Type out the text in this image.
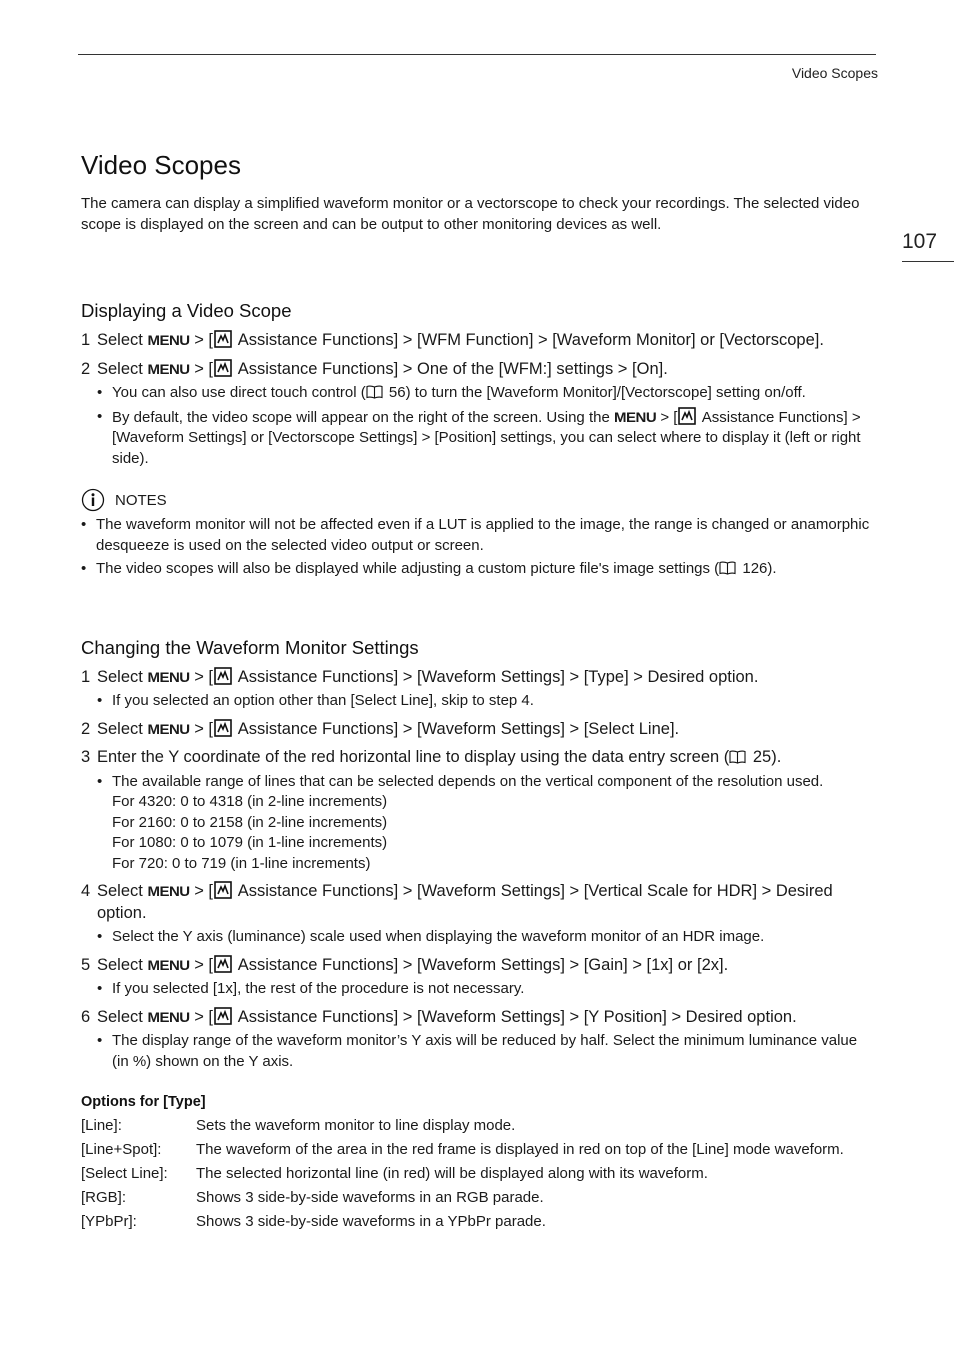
Video Scopes
107
Video Scopes

The camera can display a simplified waveform monitor or a vectorscope to check your recordings. The selected video scope is displayed on the screen and can be output to other monitoring devices as well.

Displaying a Video Scope
1 Select MENU > [ Assistance Functions] > [WFM Function] > [Waveform Monitor] or [Vectorscope].
2 Select MENU > [ Assistance Functions] > One of the [WFM:] settings > [On].
• You can also use direct touch control ( 56) to turn the [Waveform Monitor]/[Vectorscope] setting on/off.
• By default, the video scope will appear on the right of the screen. Using the MENU > [ Assistance Functions] > [Waveform Settings] or [Vectorscope Settings] > [Position] settings, you can select where to display it (left or right side).
NOTES
• The waveform monitor will not be affected even if a LUT is applied to the image, the range is changed or anamorphic desqueeze is used on the selected video output or screen.
• The video scopes will also be displayed while adjusting a custom picture file's image settings ( 126).
Changing the Waveform Monitor Settings
1 Select MENU > [ Assistance Functions] > [Waveform Settings] > [Type] > Desired option.
• If you selected an option other than [Select Line], skip to step 4.
2 Select MENU > [ Assistance Functions] > [Waveform Settings] > [Select Line].
3 Enter the Y coordinate of the red horizontal line to display using the data entry screen ( 25).
• The available range of lines that can be selected depends on the vertical component of the resolution used.
For 4320: 0 to 4318 (in 2-line increments)
For 2160: 0 to 2158 (in 2-line increments)
For 1080: 0 to 1079 (in 1-line increments)
For 720: 0 to 719 (in 1-line increments)
4 Select MENU > [ Assistance Functions] > [Waveform Settings] > [Vertical Scale for HDR] > Desired option.
• Select the Y axis (luminance) scale used when displaying the waveform monitor of an HDR image.
5 Select MENU > [ Assistance Functions] > [Waveform Settings] > [Gain] > [1x] or [2x].
• If you selected [1x], the rest of the procedure is not necessary.
6 Select MENU > [ Assistance Functions] > [Waveform Settings] > [Y Position] > Desired option.
• The display range of the waveform monitor’s Y axis will be reduced by half. Select the minimum luminance value (in %) shown on the Y axis.
Options for [Type]
[Line]:	Sets the waveform monitor to line display mode.
[Line+Spot]:	The waveform of the area in the red frame is displayed in red on top of the [Line] mode waveform.
[Select Line]:	The selected horizontal line (in red) will be displayed along with its waveform.
[RGB]:	Shows 3 side-by-side waveforms in an RGB parade.
[YPbPr]:	Shows 3 side-by-side waveforms in a YPbPr parade.
